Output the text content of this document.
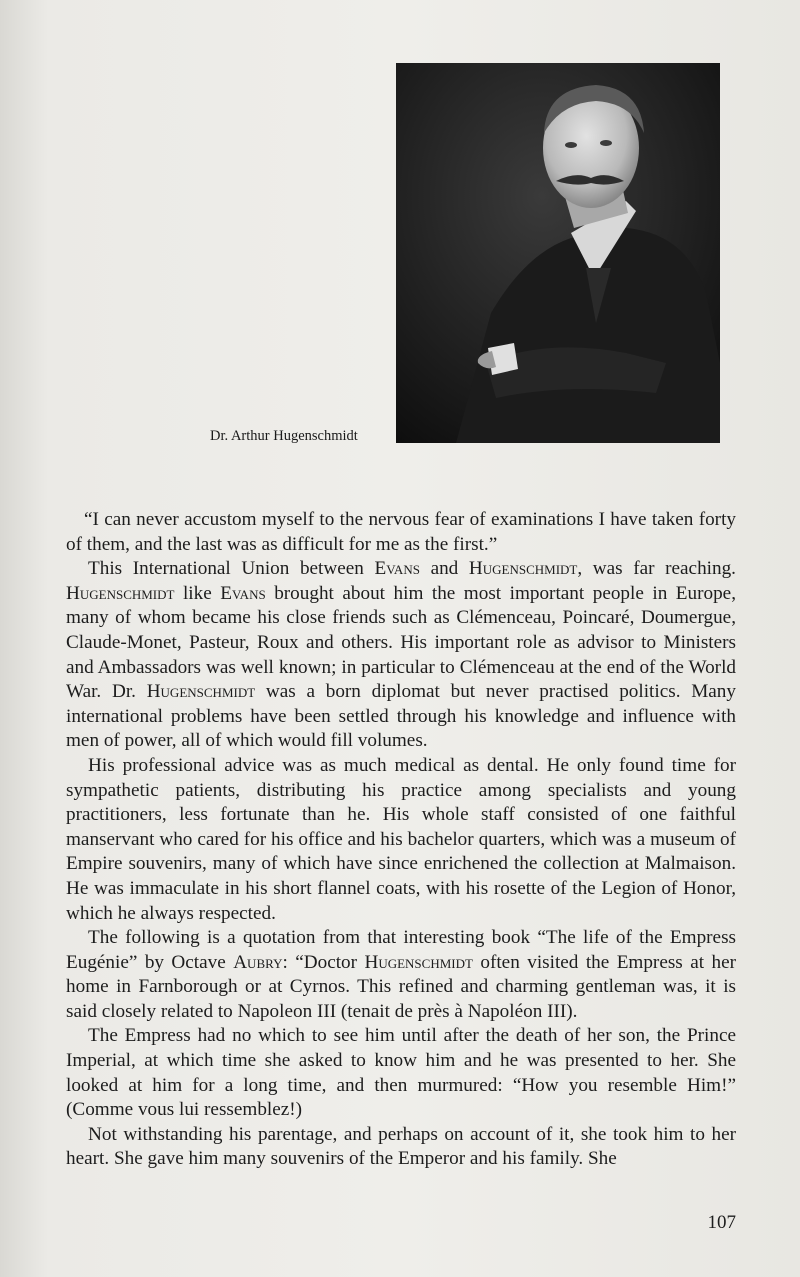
Dr. Arthur Hugenschmidt

“I can never accustom myself to the nervous fear of examinations I have taken forty of them, and the last was as difficult for me as the first.”

This International Union between Evans and Hugenschmidt, was far reaching. Hugenschmidt like Evans brought about him the most important people in Europe, many of whom became his close friends such as Clémenceau, Poincaré, Doumergue, Claude-Monet, Pasteur, Roux and others. His important role as advisor to Ministers and Ambassadors was well known; in particular to Clémenceau at the end of the World War. Dr. Hugenschmidt was a born diplomat but never practised politics. Many international problems have been settled through his knowledge and influence with men of power, all of which would fill volumes.

His professional advice was as much medical as dental. He only found time for sympathetic patients, distributing his practice among specialists and young practitioners, less fortunate than he. His whole staff consisted of one faithful manservant who cared for his office and his bachelor quarters, which was a museum of Empire souvenirs, many of which have since enrichened the collection at Malmaison. He was immaculate in his short flannel coats, with his rosette of the Legion of Honor, which he always respected.

The following is a quotation from that interesting book “The life of the Empress Eugénie” by Octave Aubry: “Doctor Hugenschmidt often visited the Empress at her home in Farnborough or at Cyrnos. This refined and charming gentleman was, it is said closely related to Napoleon III (tenait de près à Napoléon III).

The Empress had no which to see him until after the death of her son, the Prince Imperial, at which time she asked to know him and he was presented to her. She looked at him for a long time, and then murmured: “How you resemble Him!” (Comme vous lui ressemblez!)

Not withstanding his parentage, and perhaps on account of it, she took him to her heart. She gave him many souvenirs of the Emperor and his family. She

107
